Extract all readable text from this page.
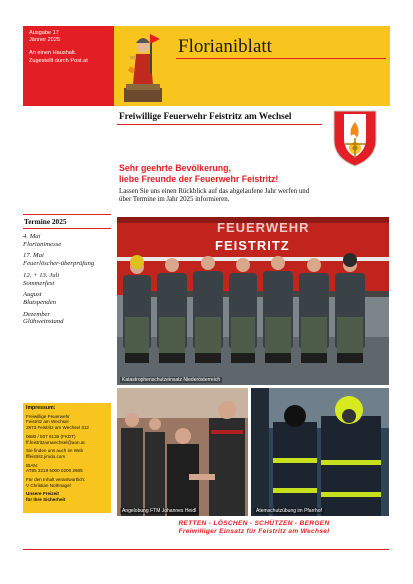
Ausgabe 17
Jänner 2025
An einen Haushalt.
Zugestellt durch Post.at
Florianiblatt
Freiwillige Feuerwehr Feistritz am Wechsel
Sehr geehrte Bevölkerung,
liebe Freunde der Feuerwehr Feistritz!
Lassen Sie uns einen Rückblick auf das abgelaufene Jahr werfen und
über Termine im Jahr 2025 informieren.
Termine 2025
4. Mai
Florianimesse
17. Mai
Feuerlöscher-überprüfung
12. + 13. Juli
Sommerfest
August
Blutspenden
Dezember
Glühweinstand
Impressum:
Freiwillige Feuerwehr
Feistritz am Wechsel
2873 Feistritz am Wechsel 312
0680 / 507 6136 (FKDT)
ff.feistritzamwechsel@aon.at
Sie finden uns auch im Web
fffeistritz.jimdo.com
IBAN:
AT85 3219 5000 0200 2665
Für den Inhalt verantwortlich:
V Christian Nothnagel
Unsere Freizeit
für Ihre Sicherheit
FEUERWEHR
FEISTRITZ
Katastrophenschutzeinsatz Niederösterreich
Angelobung FTM Johannes Heidl	Atemschutzübung im Pfarrhof
RETTEN - LÖSCHEN - SCHÜTZEN - BERGEN
Freiwilliger Einsatz für Feistritz am Wechsel
